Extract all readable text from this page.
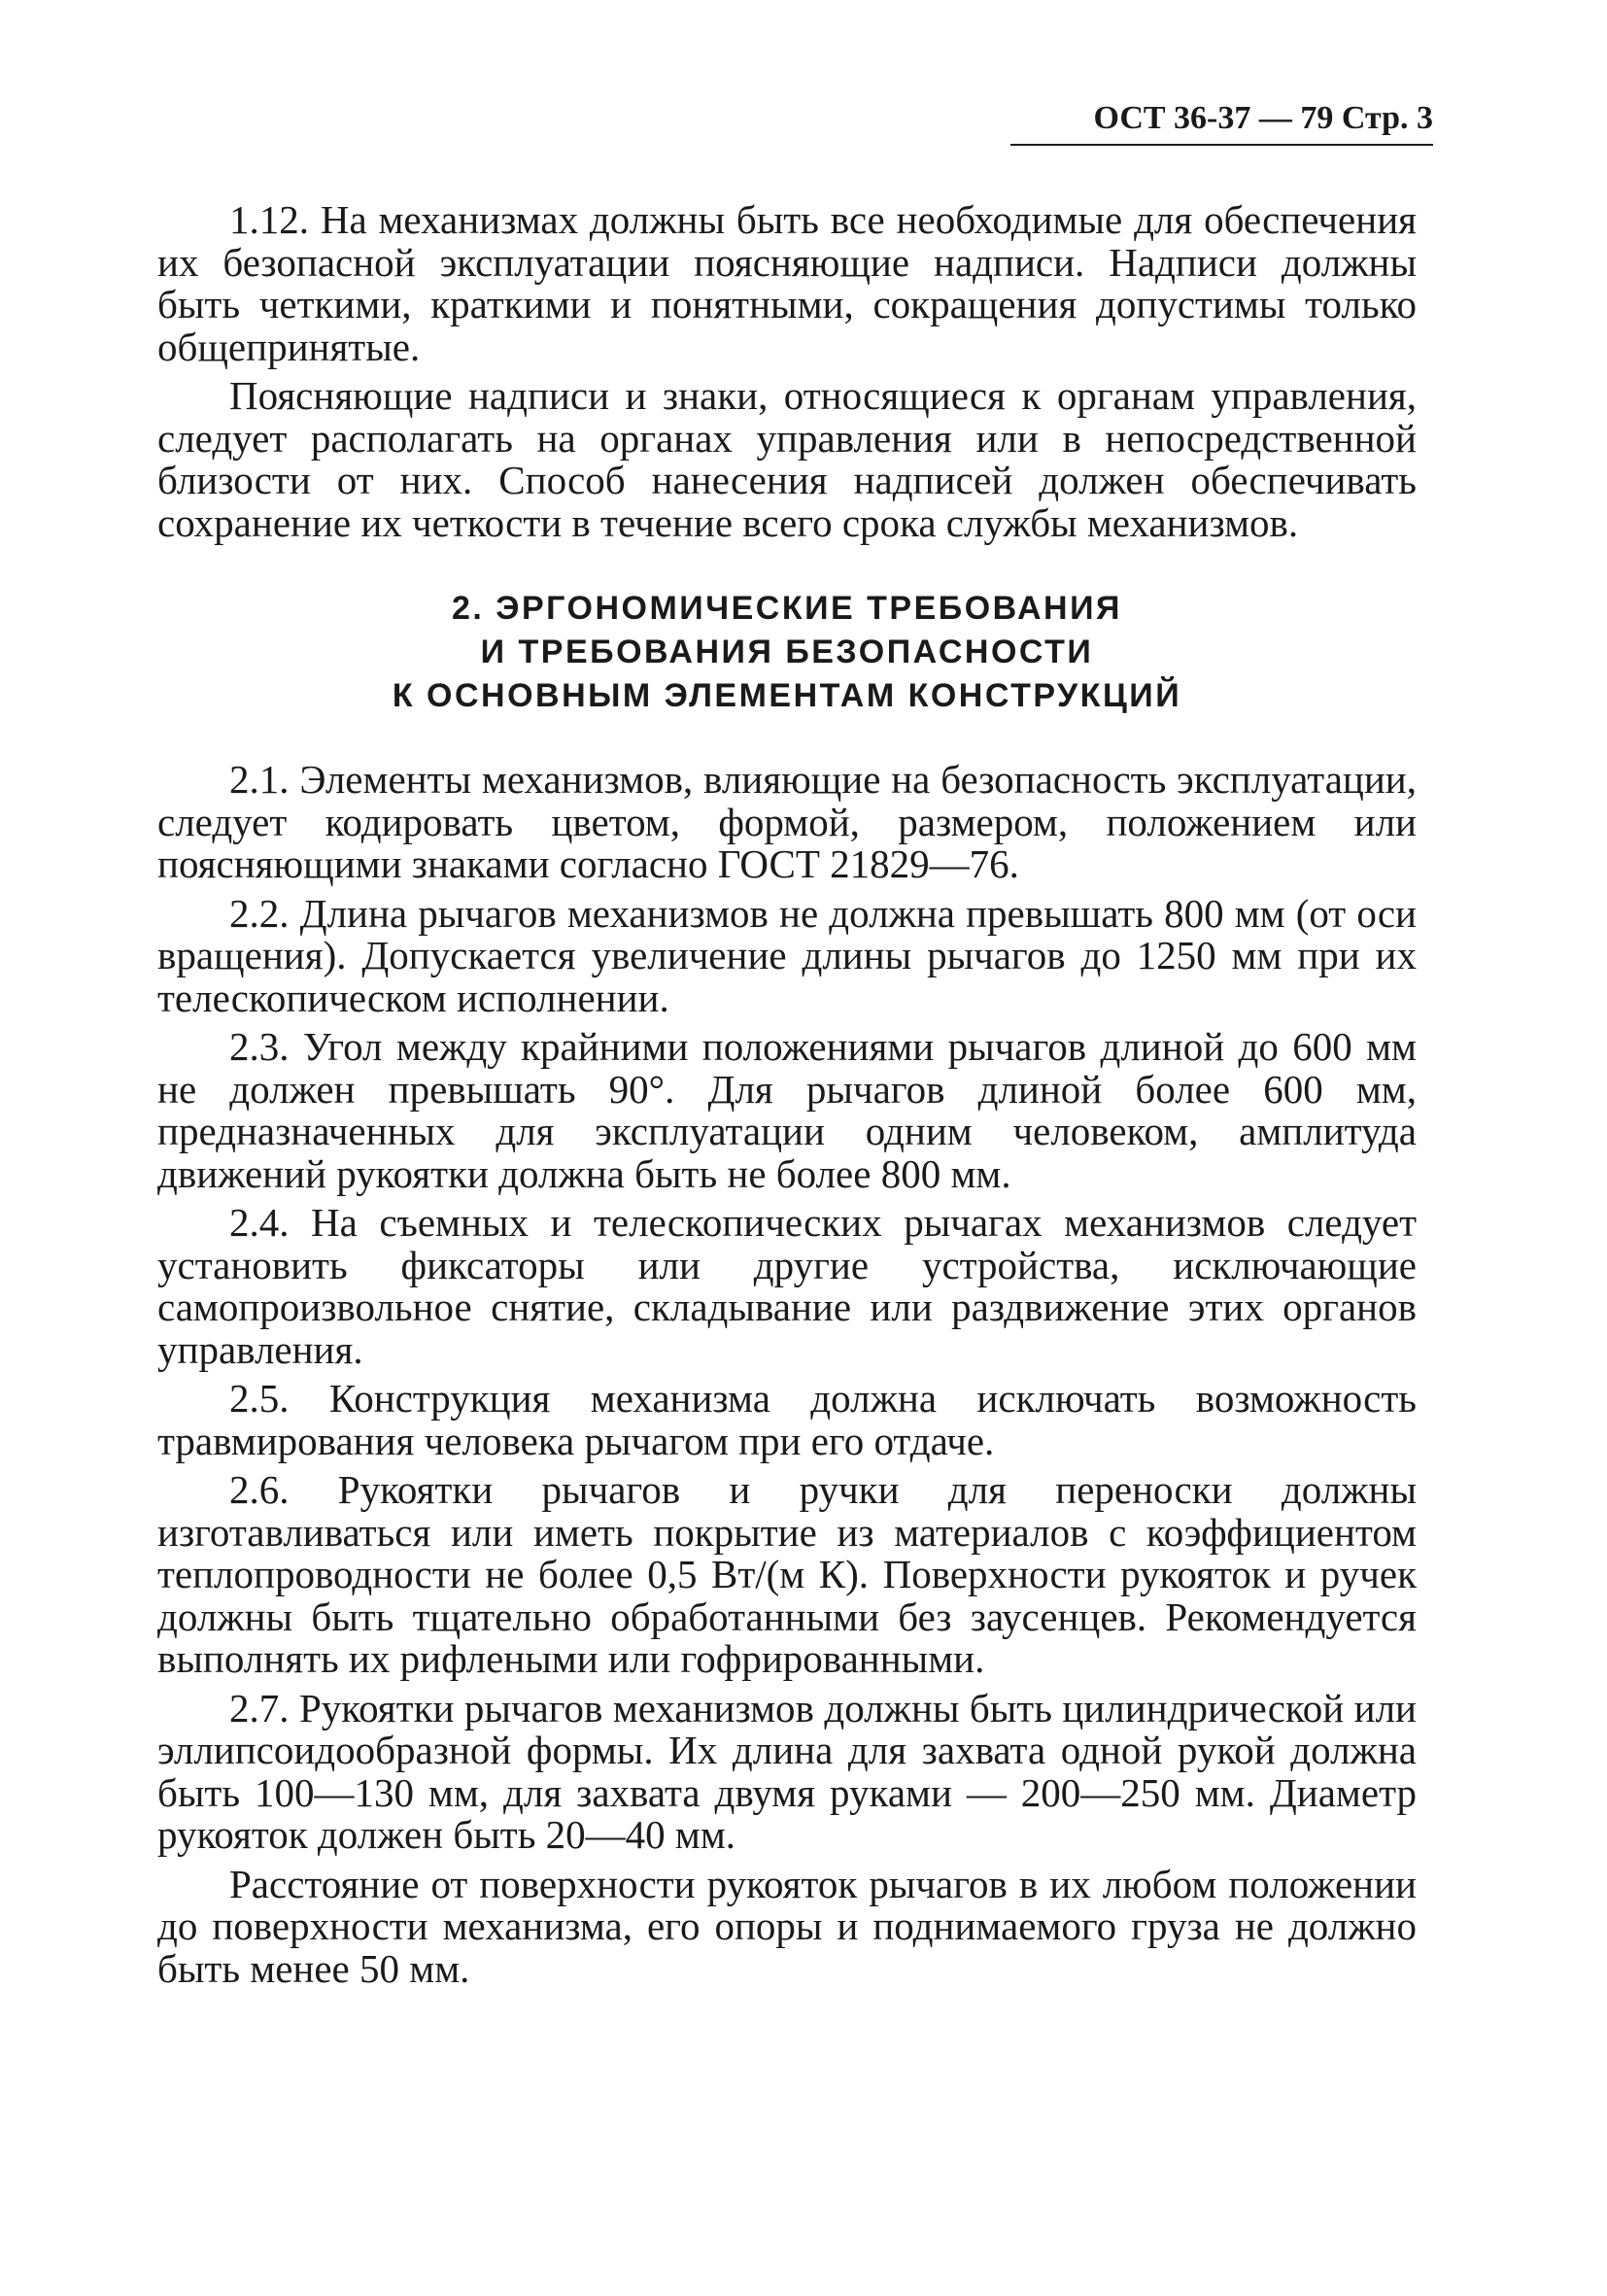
ОСТ 36-37 — 79 Стр. 3

1.12. На механизмах должны быть все необходимые для обеспечения их безопасной эксплуатации поясняющие надписи. Надписи должны быть четкими, краткими и понятными, сокращения допустимы только общепринятые.

Поясняющие надписи и знаки, относящиеся к органам управления, следует располагать на органах управления или в непосредственной близости от них. Способ нанесения надписей должен обеспечивать сохранение их четкости в течение всего срока службы механизмов.

2. ЭРГОНОМИЧЕСКИЕ ТРЕБОВАНИЯ
И ТРЕБОВАНИЯ БЕЗОПАСНОСТИ
К ОСНОВНЫМ ЭЛЕМЕНТАМ КОНСТРУКЦИЙ

2.1. Элементы механизмов, влияющие на безопасность эксплуатации, следует кодировать цветом, формой, размером, положением или поясняющими знаками согласно ГОСТ 21829—76.

2.2. Длина рычагов механизмов не должна превышать 800 мм (от оси вращения). Допускается увеличение длины рычагов до 1250 мм при их телескопическом исполнении.

2.3. Угол между крайними положениями рычагов длиной до 600 мм не должен превышать 90°. Для рычагов длиной более 600 мм, предназначенных для эксплуатации одним человеком, амплитуда движений рукоятки должна быть не более 800 мм.

2.4. На съемных и телескопических рычагах механизмов следует установить фиксаторы или другие устройства, исключающие самопроизвольное снятие, складывание или раздвижение этих органов управления.

2.5. Конструкция механизма должна исключать возможность травмирования человека рычагом при его отдаче.

2.6. Рукоятки рычагов и ручки для переноски должны изготавливаться или иметь покрытие из материалов с коэффициентом теплопроводности не более 0,5 Вт/(м К). Поверхности рукояток и ручек должны быть тщательно обработанными без заусенцев. Рекомендуется выполнять их рифлеными или гофрированными.

2.7. Рукоятки рычагов механизмов должны быть цилиндрической или эллипсоидообразной формы. Их длина для захвата одной рукой должна быть 100—130 мм, для захвата двумя руками — 200—250 мм. Диаметр рукояток должен быть 20—40 мм.

Расстояние от поверхности рукояток рычагов в их любом положении до поверхности механизма, его опоры и поднимаемого груза не должно быть менее 50 мм.
